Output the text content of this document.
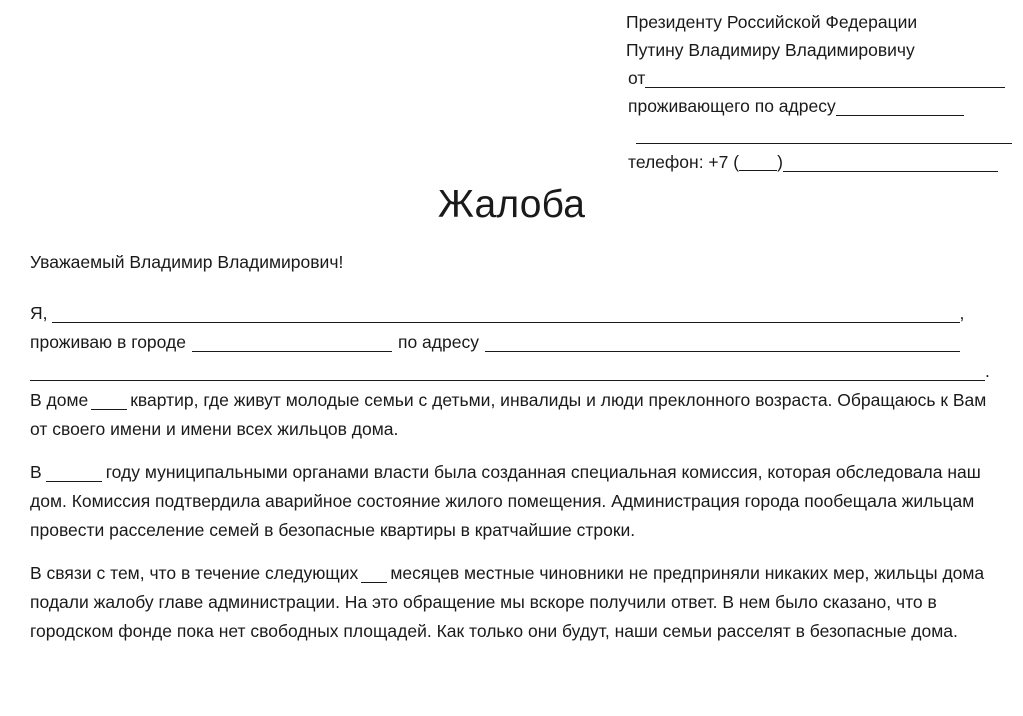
Президенту Российской Федерации
Путину Владимиру Владимировичу
от
проживающего по адресу
телефон: +7 ( )
Жалоба
Уважаемый Владимир Владимирович!
Я,	,
проживаю в городе	по адресу
.

В доме квартир, где живут молодые семьи с детьми, инвалиды и люди преклонного возраста. Обращаюсь к Вам от своего имени и имени всех жильцов дома.

В	году муниципальными органами власти была созданная специальная комиссия, которая обследовала наш дом. Комиссия подтвердила аварийное состояние жилого помещения. Администрация города пообещала жильцам провести расселение семей в безопасные квартиры в кратчайшие строки.

В связи с тем, что в течение следующих месяцев местные чиновники не предприняли никаких мер, жильцы дома подали жалобу главе администрации. На это обращение мы вскоре получили ответ. В нем было сказано, что в городском фонде пока нет свободных площадей. Как только они будут, наши семьи расселят в безопасные дома.
